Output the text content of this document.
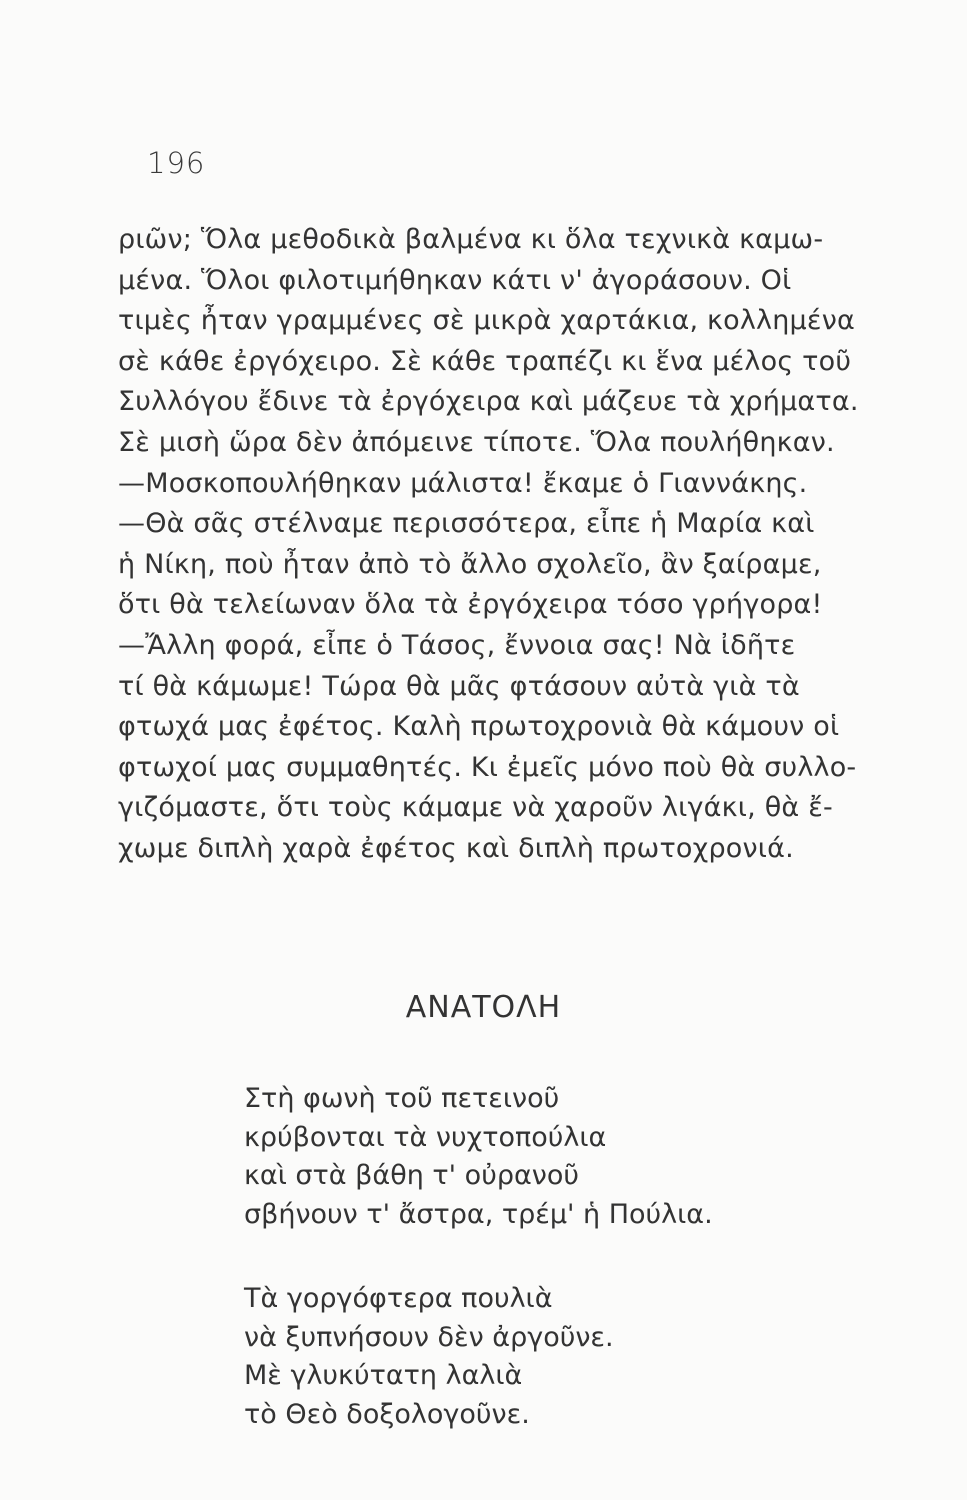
196
ριῶν; Ὅλα μεθοδικὰ βαλμένα κι ὅλα τεχνικὰ καμω-
μένα. Ὅλοι φιλοτιμήθηκαν κάτι ν' ἀγοράσουν. Οἱ
τιμὲς ἦταν γραμμένες σὲ μικρὰ χαρτάκια, κολλημένα
σὲ κάθε ἐργόχειρο. Σὲ κάθε τραπέζι κι ἕνα μέλος τοῦ
Συλλόγου ἔδινε τὰ ἐργόχειρα καὶ μάζευε τὰ χρήματα.
Σὲ μισὴ ὥρα δὲν ἀπόμεινε τίποτε. Ὅλα πουλήθηκαν.
—Μοσκοπουλήθηκαν μάλιστα! ἔκαμε ὁ Γιαννάκης.
—Θὰ σᾶς στέλναμε περισσότερα, εἶπε ἡ Μαρία καὶ
ἡ Νίκη, ποὺ ἦταν ἀπὸ τὸ ἄλλο σχολεῖο, ἂν ξαίραμε,
ὅτι θὰ τελείωναν ὅλα τὰ ἐργόχειρα τόσο γρήγορα!
—Ἄλλη φορά, εἶπε ὁ Τάσος, ἔννοια σας! Νὰ ἰδῆτε
τί θὰ κάμωμε! Τώρα θὰ μᾶς φτάσουν αὐτὰ γιὰ τὰ
φτωχά μας ἐφέτος. Καλὴ πρωτοχρονιὰ θὰ κάμουν οἱ
φτωχοί μας συμμαθητές. Κι ἐμεῖς μόνο ποὺ θὰ συλλο-
γιζόμαστε, ὅτι τοὺς κάμαμε νὰ χαροῦν λιγάκι, θὰ ἔ-
χωμε διπλὴ χαρὰ ἐφέτος καὶ διπλὴ πρωτοχρονιά.
ΑΝΑΤΟΛΗ
Στὴ φωνὴ τοῦ πετεινοῦ
κρύβονται τὰ νυχτοπούλια
καὶ στὰ βάθη τ' οὐρανοῦ
σβήνουν τ' ἄστρα, τρέμ' ἡ Πούλια.
Τὰ γοργόφτερα πουλιὰ
νὰ ξυπνήσουν δὲν ἀργοῦνε.
Μὲ γλυκύτατη λαλιὰ
τὸ Θεὸ δοξολογοῦνε.
